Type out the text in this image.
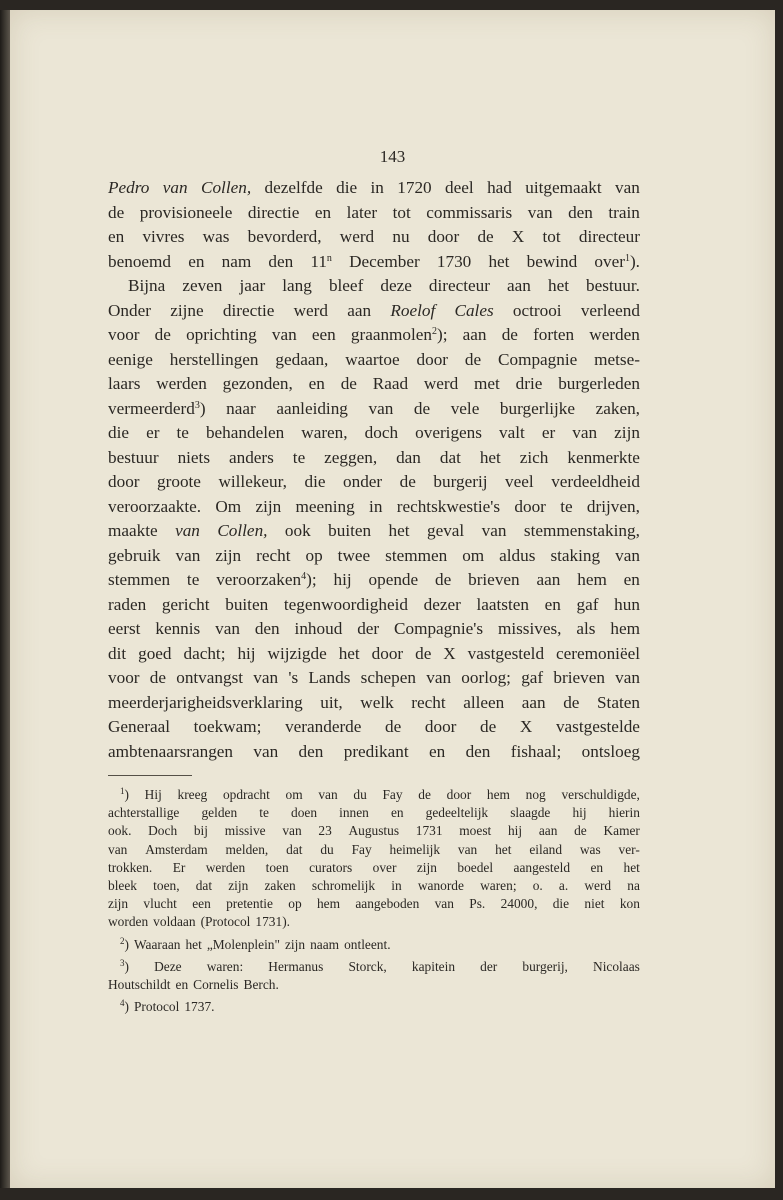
143
Pedro van Collen, dezelfde die in 1720 deel had uitgemaakt van
de provisioneele directie en later tot commissaris van den train
en vivres was bevorderd, werd nu door de X tot directeur
benoemd en nam den 11$^n$ December 1730 het bewind over$^1$).
Bijna zeven jaar lang bleef deze directeur aan het bestuur.
Onder zijne directie werd aan Roelof Cales octrooi verleend
voor de oprichting van een graanmolen$^2$); aan de forten werden
eenige herstellingen gedaan, waartoe door de Compagnie metse-
laars werden gezonden, en de Raad werd met drie burgerleden
vermeerderd$^3$) naar aanleiding van de vele burgerlijke zaken,
die er te behandelen waren, doch overigens valt er van zijn
bestuur niets anders te zeggen, dan dat het zich kenmerkte
door groote willekeur, die onder de burgerij veel verdeeldheid
veroorzaakte. Om zijn meening in rechtskwestie's door te drijven,
maakte van Collen, ook buiten het geval van stemmenstaking,
gebruik van zijn recht op twee stemmen om aldus staking van
stemmen te veroorzaken$^4$); hij opende de brieven aan hem en
raden gericht buiten tegenwoordigheid dezer laatsten en gaf hun
eerst kennis van den inhoud der Compagnie's missives, als hem
dit goed dacht; hij wijzigde het door de X vastgesteld ceremoniëel
voor de ontvangst van 's Lands schepen van oorlog; gaf brieven van
meerderjarigheidsverklaring uit, welk recht alleen aan de Staten
Generaal toekwam; veranderde de door de X vastgestelde
ambtenaarsrangen van den predikant en den fishaal; ontsloeg
$^1$) Hij kreeg opdracht om van du Fay de door hem nog verschuldigde,
achterstallige gelden te doen innen en gedeeltelijk slaagde hij hierin
ook. Doch bij missive van 23 Augustus 1731 moest hij aan de Kamer
van Amsterdam melden, dat du Fay heimelijk van het eiland was ver-
trokken. Er werden toen curators over zijn boedel aangesteld en het
bleek toen, dat zijn zaken schromelijk in wanorde waren; o. a. werd na
zijn vlucht een pretentie op hem aangeboden van Ps. 24000, die niet kon
worden voldaan (Protocol 1731).
$^2$) Waaraan het „Molenplein" zijn naam ontleent.
$^3$) Deze waren: Hermanus Storck, kapitein der burgerij, Nicolaas
Houtschildt en Cornelis Berch.
$^4$) Protocol 1737.
